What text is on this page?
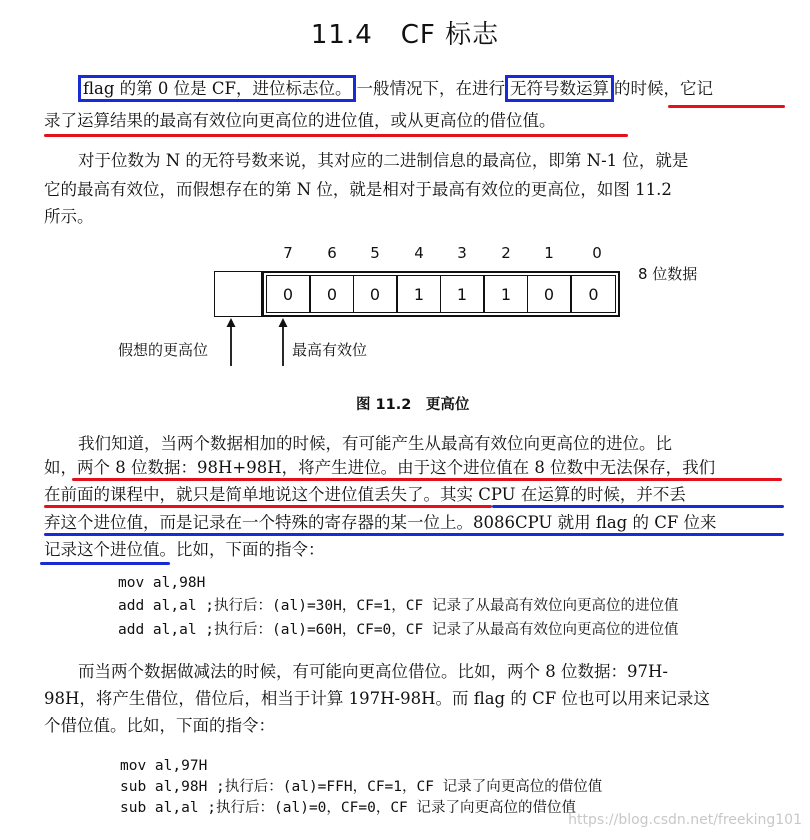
11.4 CF 标志
flag 的第 0 位是 CF，进位标志位。 一般情况下，在进行 无符号数运算 的时候，它记
录了运算结果的最高有效位向更高位的进位值，或从更高位的借位值。
对于位数为 N 的无符号数来说，其对应的二进制信息的最高位，即第 N-1 位，就是
它的最高有效位，而假想存在的第 N 位，就是相对于最高有效位的更高位，如图 11.2
所示。
7	6	5	4	3	2	1	0
0	0	0	1	1	1	0	0
8 位数据
假想的更高位	最高有效位
图 11.2　更高位
我们知道，当两个数据相加的时候，有可能产生从最高有效位向更高位的进位。比
如，两个 8 位数据：98H+98H，将产生进位。由于这个进位值在 8 位数中无法保存，我们
在前面的课程中，就只是简单地说这个进位值丢失了。其实 CPU 在运算的时候，并不丢
弃这个进位值，而是记录在一个特殊的寄存器的某一位上。8086CPU 就用 flag 的 CF 位来
记录这个进位值。比如，下面的指令：
mov al,98H
add al,al ;执行后：(al)=30H，CF=1，CF 记录了从最高有效位向更高位的进位值
add al,al ;执行后：(al)=60H，CF=0，CF 记录了从最高有效位向更高位的进位值
而当两个数据做减法的时候，有可能向更高位借位。比如，两个 8 位数据：97H-
98H，将产生借位，借位后，相当于计算 197H-98H。而 flag 的 CF 位也可以用来记录这
个借位值。比如，下面的指令：
mov al,97H
sub al,98H ;执行后：(al)=FFH，CF=1，CF 记录了向更高位的借位值
sub al,al ;执行后：(al)=0，CF=0，CF 记录了向更高位的借位值
https://blog.csdn.net/freeking101
